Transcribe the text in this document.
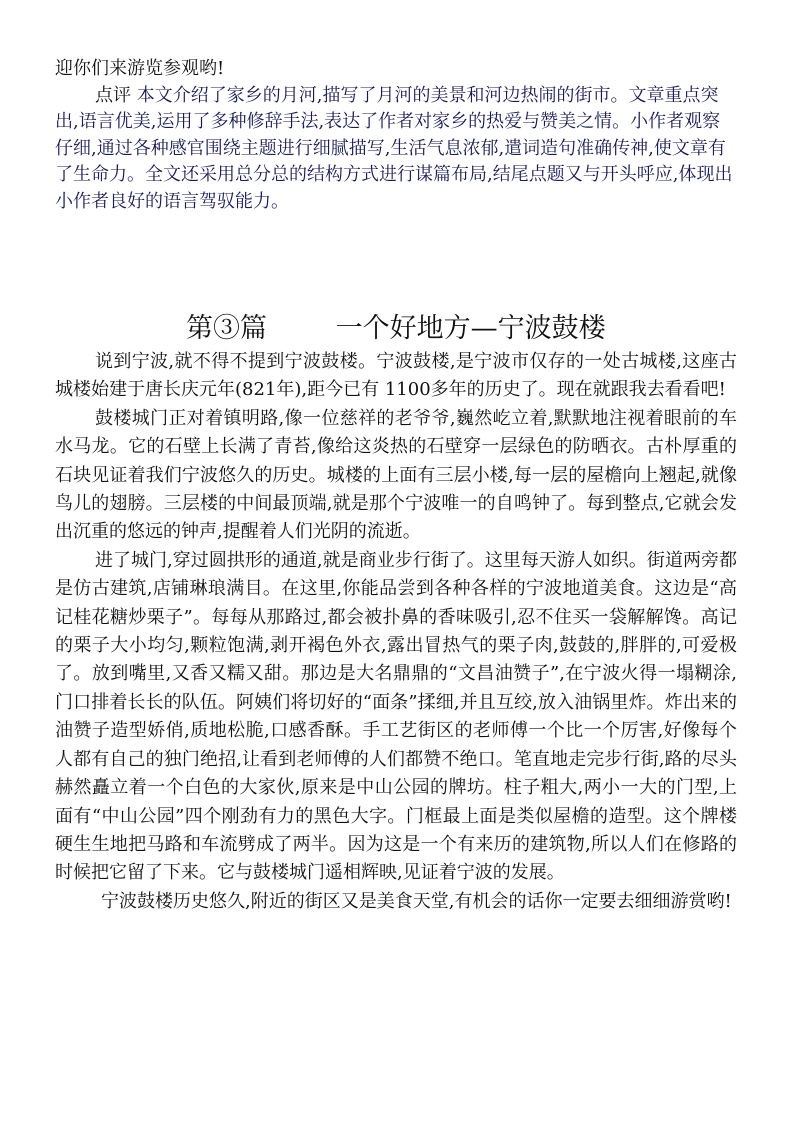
迎你们来游览参观哟!

点评 本文介绍了家乡的月河,描写了月河的美景和河边热闹的街市。文章重点突出,语言优美,运用了多种修辞手法,表达了作者对家乡的热爱与赞美之情。小作者观察仔细,通过各种感官围绕主题进行细腻描写,生活气息浓郁,遣词造句准确传神,使文章有了生命力。全文还采用总分总的结构方式进行谋篇布局,结尾点题又与开头呼应,体现出小作者良好的语言驾驭能力。

第③篇        一个好地方—宁波鼓楼

说到宁波,就不得不提到宁波鼓楼。宁波鼓楼,是宁波市仅存的一处古城楼,这座古城楼始建于唐长庆元年(821年),距今已有 1100多年的历史了。现在就跟我去看看吧!

鼓楼城门正对着镇明路,像一位慈祥的老爷爷,巍然屹立着,默默地注视着眼前的车水马龙。它的石壁上长满了青苔,像给这炎热的石壁穿一层绿色的防晒衣。古朴厚重的石块见证着我们宁波悠久的历史。城楼的上面有三层小楼,每一层的屋檐向上翘起,就像鸟儿的翅膀。三层楼的中间最顶端,就是那个宁波唯一的自鸣钟了。每到整点,它就会发出沉重的悠远的钟声,提醒着人们光阴的流逝。

进了城门,穿过圆拱形的通道,就是商业步行街了。这里每天游人如织。街道两旁都是仿古建筑,店铺琳琅满目。在这里,你能品尝到各种各样的宁波地道美食。这边是“高记桂花糖炒栗子”。每每从那路过,都会被扑鼻的香味吸引,忍不住买一袋解解馋。高记的栗子大小均匀,颗粒饱满,剥开褐色外衣,露出冒热气的栗子肉,鼓鼓的,胖胖的,可爱极了。放到嘴里,又香又糯又甜。那边是大名鼎鼎的“文昌油赞子”,在宁波火得一塌糊涂,门口排着长长的队伍。阿姨们将切好的“面条”揉细,并且互绞,放入油锅里炸。炸出来的油赞子造型娇俏,质地松脆,口感香酥。手工艺街区的老师傅一个比一个厉害,好像每个人都有自己的独门绝招,让看到老师傅的人们都赞不绝口。笔直地走完步行街,路的尽头赫然矗立着一个白色的大家伙,原来是中山公园的牌坊。柱子粗大,两小一大的门型,上面有“中山公园”四个刚劲有力的黑色大字。门框最上面是类似屋檐的造型。这个牌楼硬生生地把马路和车流劈成了两半。因为这是一个有来历的建筑物,所以人们在修路的时候把它留了下来。它与鼓楼城门遥相辉映,见证着宁波的发展。

宁波鼓楼历史悠久,附近的街区又是美食天堂,有机会的话你一定要去细细游赏哟!
